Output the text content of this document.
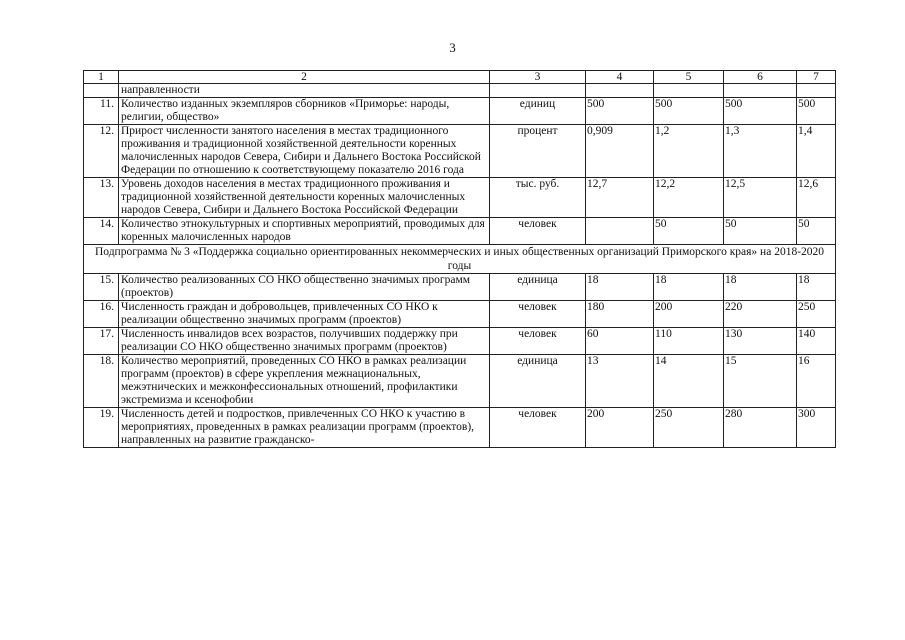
3
1	2	3	4	5	6	7
	направленности					
11.	Количество изданных экземпляров сборников «Приморье: народы, религии, общество»	единиц	500	500	500	500
12.	Прирост численности занятого населения в местах традиционного проживания и традиционной хозяйственной деятельности коренных малочисленных народов Севера, Сибири и Дальнего Востока Российской Федерации по отношению к соответствующему показателю 2016 года	процент	0,909	1,2	1,3	1,4
13.	Уровень доходов населения в местах традиционного проживания и традиционной хозяйственной деятельности коренных малочисленных народов Севера, Сибири и Дальнего Востока Российской Федерации	тыс. руб.	12,7	12,2	12,5	12,6
14.	Количество этнокультурных и спортивных мероприятий, проводимых для коренных малочисленных народов	человек		50	50	50
Подпрограмма № 3 «Поддержка социально ориентированных некоммерческих и иных общественных организаций Приморского края» на 2018-2020 годы						
15.	Количество реализованных СО НКО общественно значимых программ (проектов)	единица	18	18	18	18
16.	Численность граждан и добровольцев, привлеченных СО НКО к реализации общественно значимых программ (проектов)	человек	180	200	220	250
17.	Численность инвалидов всех возрастов, получивших поддержку при реализации СО НКО общественно значимых программ (проектов)	человек	60	110	130	140
18.	Количество мероприятий, проведенных СО НКО в рамках реализации программ (проектов) в сфере укрепления межнациональных, межэтнических и межконфессиональных отношений, профилактики экстремизма и ксенофобии	единица	13	14	15	16
19.	Численность детей и подростков, привлеченных СО НКО к участию в мероприятиях, проведенных в рамках реализации программ (проектов), направленных на развитие гражданско-	человек	200	250	280	300
